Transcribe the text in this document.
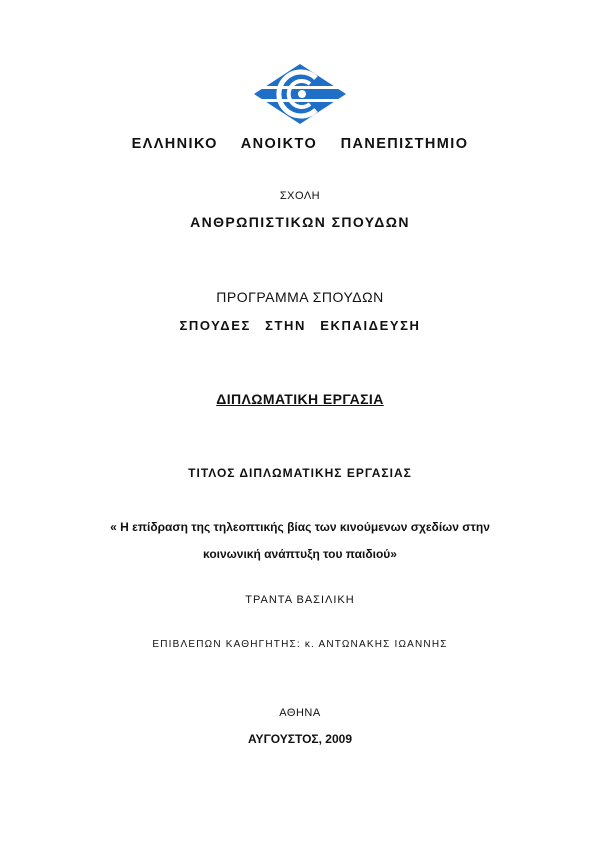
ΕΛΛΗΝΙΚΟ ΑΝΟΙΚΤΟ ΠΑΝΕΠΙΣΤΗΜΙΟ
ΣΧΟΛΗ
ΑΝΘΡΩΠΙΣΤΙΚΩΝ ΣΠΟΥΔΩΝ
ΠΡΟΓΡΑΜΜΑ ΣΠΟΥΔΩΝ
ΣΠΟΥΔΕΣ ΣΤΗΝ ΕΚΠΑΙΔΕΥΣΗ
ΔΙΠΛΩΜΑΤΙΚΗ ΕΡΓΑΣΙΑ
ΤΙΤΛΟΣ ΔΙΠΛΩΜΑΤΙΚΗΣ ΕΡΓΑΣΙΑΣ
« Η επίδραση της τηλεοπτικής βίας των κινούμενων σχεδίων στην
κοινωνική ανάπτυξη του παιδιού»
ΤΡΑΝΤΑ ΒΑΣΙΛΙΚΗ
ΕΠΙΒΛΕΠΩΝ ΚΑΘΗΓΗΤΗΣ: κ. ΑΝΤΩΝΑΚΗΣ ΙΩΑΝΝΗΣ
ΑΘΗΝΑ
ΑΥΓΟΥΣΤΟΣ, 2009
